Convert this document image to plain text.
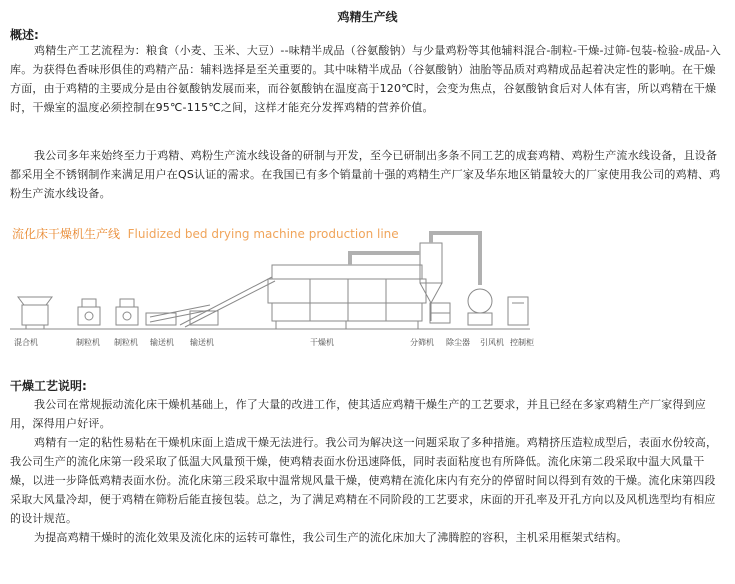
鸡精生产线
概述:
鸡精生产工艺流程为：粮食（小麦、玉米、大豆）--味精半成品（谷氨酸钠）与少量鸡粉等其他辅料混合-制粒-干燥-过筛-包装-检验-成品-入库。为获得色香味形俱佳的鸡精产品：辅料选择是至关重要的。其中味精半成品（谷氨酸钠）油胎等品质对鸡精成品起着决定性的影响。在干燥方面，由于鸡精的主要成分是由谷氨酸钠发展而来，而谷氨酸钠在温度高于120℃时，会变为焦点，谷氨酸钠食后对人体有害，所以鸡精在干燥时，干燥室的温度必须控制在95℃-115℃之间，这样才能充分发挥鸡精的营养价值。
我公司多年来始终至力于鸡精、鸡粉生产流水线设备的研制与开发，至今已研制出多条不同工艺的成套鸡精、鸡粉生产流水线设备，且设备都采用全不锈钢制作来满足用户在QS认证的需求。在我国已有多个销量前十强的鸡精生产厂家及华东地区销量较大的厂家使用我公司的鸡精、鸡粉生产流水线设备。
流化床干燥机生产线 Fluidized bed drying machine production line
混合机	制粒机 制粒机 输送机 输送机	干燥机	分筛机 除尘器 引风机 控制柜
干燥工艺说明:
我公司在常规振动流化床干燥机基础上，作了大量的改进工作，使其适应鸡精干燥生产的工艺要求，并且已经在多家鸡精生产厂家得到应用，深得用户好评。
鸡精有一定的粘性易粘在干燥机床面上造成干燥无法进行。我公司为解决这一问题采取了多种措施。鸡精挤压造粒成型后，表面水份较高，我公司生产的流化床第一段采取了低温大风量预干燥，使鸡精表面水份迅速降低，同时表面粘度也有所降低。流化床第二段采取中温大风量干燥，以进一步降低鸡精表面水份。流化床第三段采取中温常规风量干燥，使鸡精在流化床内有充分的停留时间以得到有效的干燥。流化床第四段采取大风量冷却，便于鸡精在筛粉后能直接包装。总之，为了满足鸡精在不同阶段的工艺要求，床面的开孔率及开孔方向以及风机选型均有相应的设计规范。
为提高鸡精干燥时的流化效果及流化床的运转可靠性，我公司生产的流化床加大了沸腾腔的容积，主机采用框架式结构。
